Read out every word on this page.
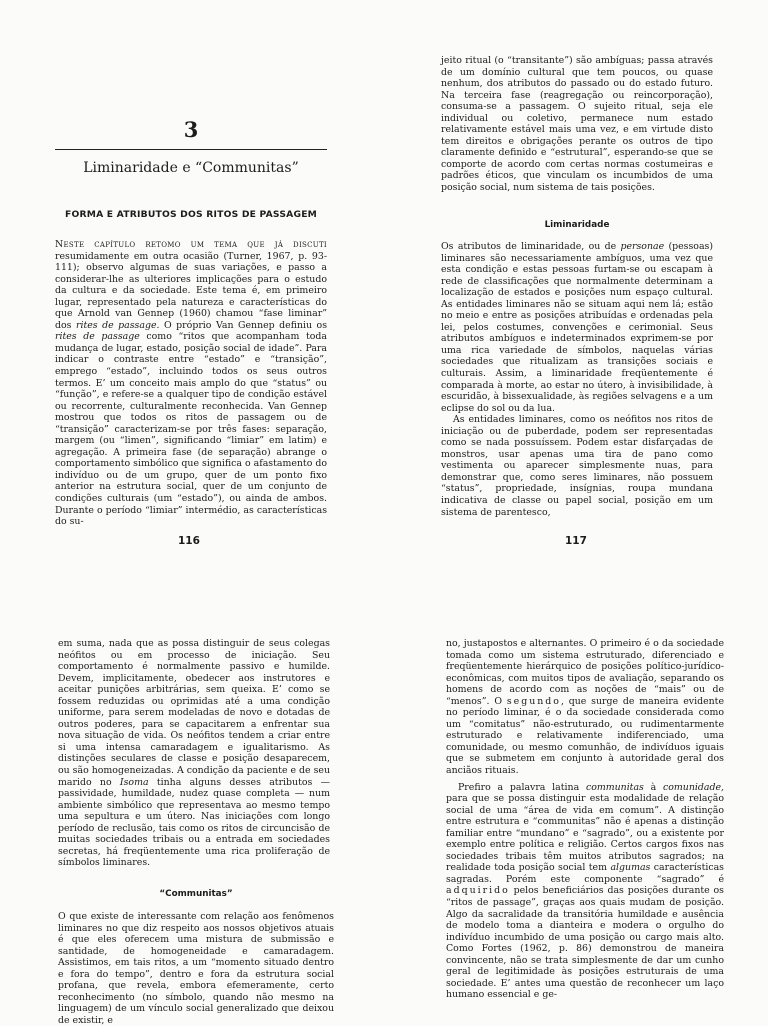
3
Liminaridade e “Communitas”
FORMA E ATRIBUTOS DOS RITOS DE PASSAGEM

Neste capítulo retomo um tema que já discuti resumidamente em outra ocasião (Turner, 1967, p. 93-111); observo algumas de suas variações, e passo a considerar-lhe as ulteriores implicações para o estudo da cultura e da sociedade. Este tema é, em primeiro lugar, representado pela natureza e características do que Arnold van Gennep (1960) chamou “fase liminar” dos rites de passage. O próprio Van Gennep definiu os rites de passage como “ritos que acompanham toda mudança de lugar, estado, posição social de idade”. Para indicar o contraste entre “estado” e “transição”, emprego “estado”, incluindo todos os seus outros termos. E’ um conceito mais amplo do que “status” ou “função”, e refere-se a qualquer tipo de condição estável ou recorrente, culturalmente reconhecida. Van Gennep mostrou que todos os ritos de passagem ou de “transição” caracterizam-se por três fases: separação, margem (ou “limen”, significando “limiar” em latim) e agregação. A primeira fase (de separação) abrange o comportamento simbólico que significa o afastamento do indivíduo ou de um grupo, quer de um ponto fixo anterior na estrutura social, quer de um conjunto de condições culturais (um “estado”), ou ainda de ambos. Durante o período “limiar” intermédio, as características do su-

116

jeito ritual (o “transitante”) são ambíguas; passa através de um domínio cultural que tem poucos, ou quase nenhum, dos atributos do passado ou do estado futuro. Na terceira fase (reagregação ou reincorporação), consuma-se a passagem. O sujeito ritual, seja ele individual ou coletivo, permanece num estado relativamente estável mais uma vez, e em virtude disto tem direitos e obrigações perante os outros de tipo claramente definido e “estrutural”, esperando-se que se comporte de acordo com certas normas costumeiras e padrões éticos, que vinculam os incumbidos de uma posição social, num sistema de tais posições.

Liminaridade

Os atributos de liminaridade, ou de personae (pessoas) liminares são necessariamente ambíguos, uma vez que esta condição e estas pessoas furtam-se ou escapam à rede de classificações que normalmente determinam a localização de estados e posições num espaço cultural. As entidades liminares não se situam aqui nem lá; estão no meio e entre as posições atribuídas e ordenadas pela lei, pelos costumes, convenções e cerimonial. Seus atributos ambíguos e indeterminados exprimem-se por uma rica variedade de símbolos, naquelas várias sociedades que ritualizam as transições sociais e culturais. Assim, a liminaridade freqüentemente é comparada à morte, ao estar no útero, à invisibilidade, à escuridão, à bissexualidade, às regiões selvagens e a um eclipse do sol ou da lua.

As entidades liminares, como os neófitos nos ritos de iniciação ou de puberdade, podem ser representadas como se nada possuíssem. Podem estar disfarçadas de monstros, usar apenas uma tira de pano como vestimenta ou aparecer simplesmente nuas, para demonstrar que, como seres liminares, não possuem “status”, propriedade, insígnias, roupa mundana indicativa de classe ou papel social, posição em um sistema de parentesco,

117

em suma, nada que as possa distinguir de seus colegas neófitos ou em processo de iniciação. Seu comportamento é normalmente passivo e humilde. Devem, implicitamente, obedecer aos instrutores e aceitar punições arbitrárias, sem queixa. E’ como se fossem reduzidas ou oprimidas até a uma condição uniforme, para serem modeladas de novo e dotadas de outros poderes, para se capacitarem a enfrentar sua nova situação de vida. Os neófitos tendem a criar entre si uma intensa camaradagem e igualitarismo. As distinções seculares de classe e posição desaparecem, ou são homogeneizadas. A condição da paciente e de seu marido no Isoma tinha alguns desses atributos — passividade, humildade, nudez quase completa — num ambiente simbólico que representava ao mesmo tempo uma sepultura e um útero. Nas iniciações com longo período de reclusão, tais como os ritos de circuncisão de muitas sociedades tribais ou a entrada em sociedades secretas, há freqüentemente uma rica proliferação de símbolos liminares.

“Communitas”

O que existe de interessante com relação aos fenômenos liminares no que diz respeito aos nossos objetivos atuais é que eles oferecem uma mistura de submissão e santidade, de homogeneidade e camaradagem. Assistimos, em tais ritos, a um “momento situado dentro e fora do tempo”, dentro e fora da estrutura social profana, que revela, embora efemeramente, certo reconhecimento (no símbolo, quando não mesmo na linguagem) de um vínculo social generalizado que deixou de existir, e

no, justapostos e alternantes. O primeiro é o da sociedade tomada como um sistema estruturado, diferenciado e freqüentemente hierárquico de posições político-jurídico-econômicas, com muitos tipos de avaliação, separando os homens de acordo com as noções de “mais” ou de “menos”. O segundo, que surge de maneira evidente no período liminar, é o da sociedade considerada como um “comitatus” não-estruturado, ou rudimentarmente estruturado e relativamente indiferenciado, uma comunidade, ou mesmo comunhão, de indivíduos iguais que se submetem em conjunto à autoridade geral dos anciãos rituais.

Prefiro a palavra latina communitas à comunidade, para que se possa distinguir esta modalidade de relação social de uma “área de vida em comum”. A distinção entre estrutura e “communitas” não é apenas a distinção familiar entre “mundano” e “sagrado”, ou a existente por exemplo entre política e religião. Certos cargos fixos nas sociedades tribais têm muitos atributos sagrados; na realidade toda posição social tem algumas características sagradas. Porém este componente “sagrado” é adquirido pelos beneficiários das posições durante os “ritos de passage”, graças aos quais mudam de posição. Algo da sacralidade da transitória humildade e ausência de modelo toma a dianteira e modera o orgulho do indivíduo incumbido de uma posição ou cargo mais alto. Como Fortes (1962, p. 86) demonstrou de maneira convincente, não se trata simplesmente de dar um cunho geral de legitimidade às posições estruturais de uma sociedade. E’ antes uma questão de reconhecer um laço humano essencial e ge-
